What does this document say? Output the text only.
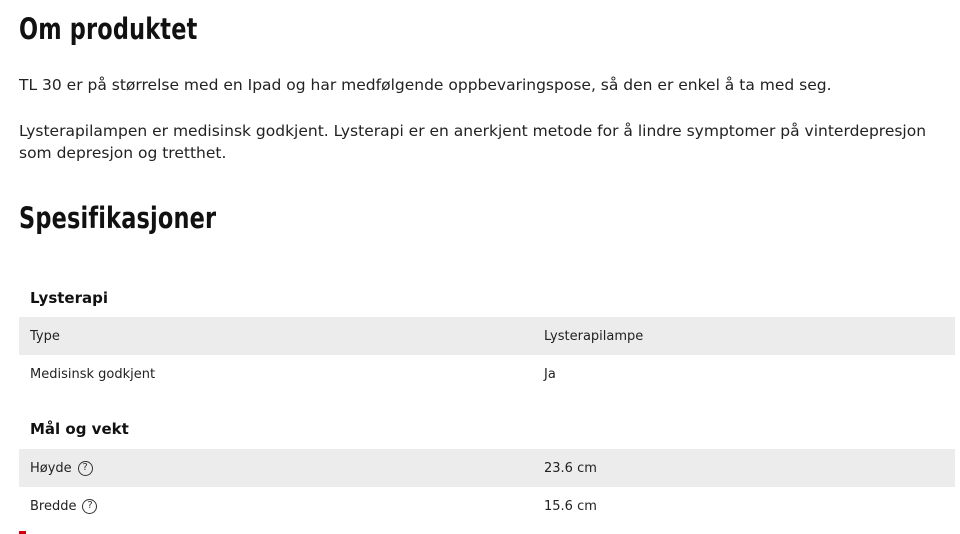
Om produktet

TL 30 er på størrelse med en Ipad og har medfølgende oppbevaringspose, så den er enkel å ta med seg.

Lysterapilampen er medisinsk godkjent. Lysterapi er en anerkjent metode for å lindre symptomer på vinterdepresjon som depresjon og tretthet.

Spesifikasjoner
Lysterapi
Type	Lysterapilampe
Medisinsk godkjent	Ja
Mål og vekt
Høyde	?	23.6 cm
Bredde	?	15.6 cm
